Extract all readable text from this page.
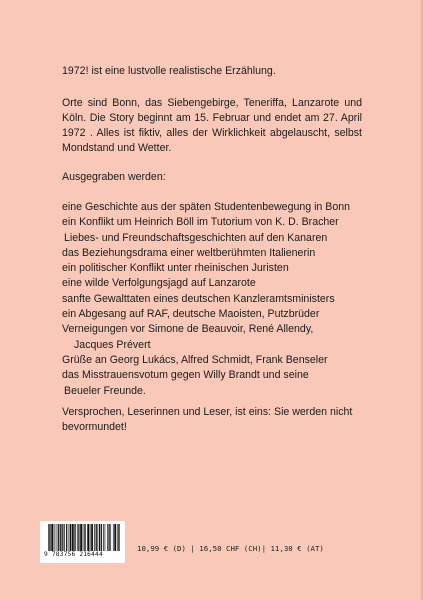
1972! ist eine lustvolle realistische Erzählung.

Orte sind Bonn, das Siebengebirge, Teneriffa, Lanzarote und Köln. Die Story beginnt am 15. Februar und endet am 27. April 1972 . Alles ist fiktiv, alles der Wirklichkeit abgelauscht, selbst Mondstand und Wetter.

Ausgegraben werden:

eine Geschichte aus der späten Studentenbewegung in Bonn
ein Konflikt um Heinrich Böll im Tutorium von K. D. Bracher
Liebes- und Freundschaftsgeschichten auf den Kanaren
das Beziehungsdrama einer weltberühmten Italienerin
ein politischer Konflikt unter rheinischen Juristen
eine wilde Verfolgungsjagd auf Lanzarote
sanfte Gewalttaten eines deutschen Kanzleramtsministers
ein Abgesang auf RAF, deutsche Maoisten, Putzbrüder
Verneigungen vor Simone de Beauvoir, René Allendy,
Jacques Prévert
Grüße an Georg Lukács, Alfred Schmidt, Frank Benseler
das Misstrauensvotum gegen Willy Brandt und seine
Beueler Freunde.

Versprochen, Leserinnen und Leser, ist eins: Sie werden nicht bevormundet!

9 783756 216444
10,99 € (D) | 16,50 CHF (CH)| 11,30 € (AT)
